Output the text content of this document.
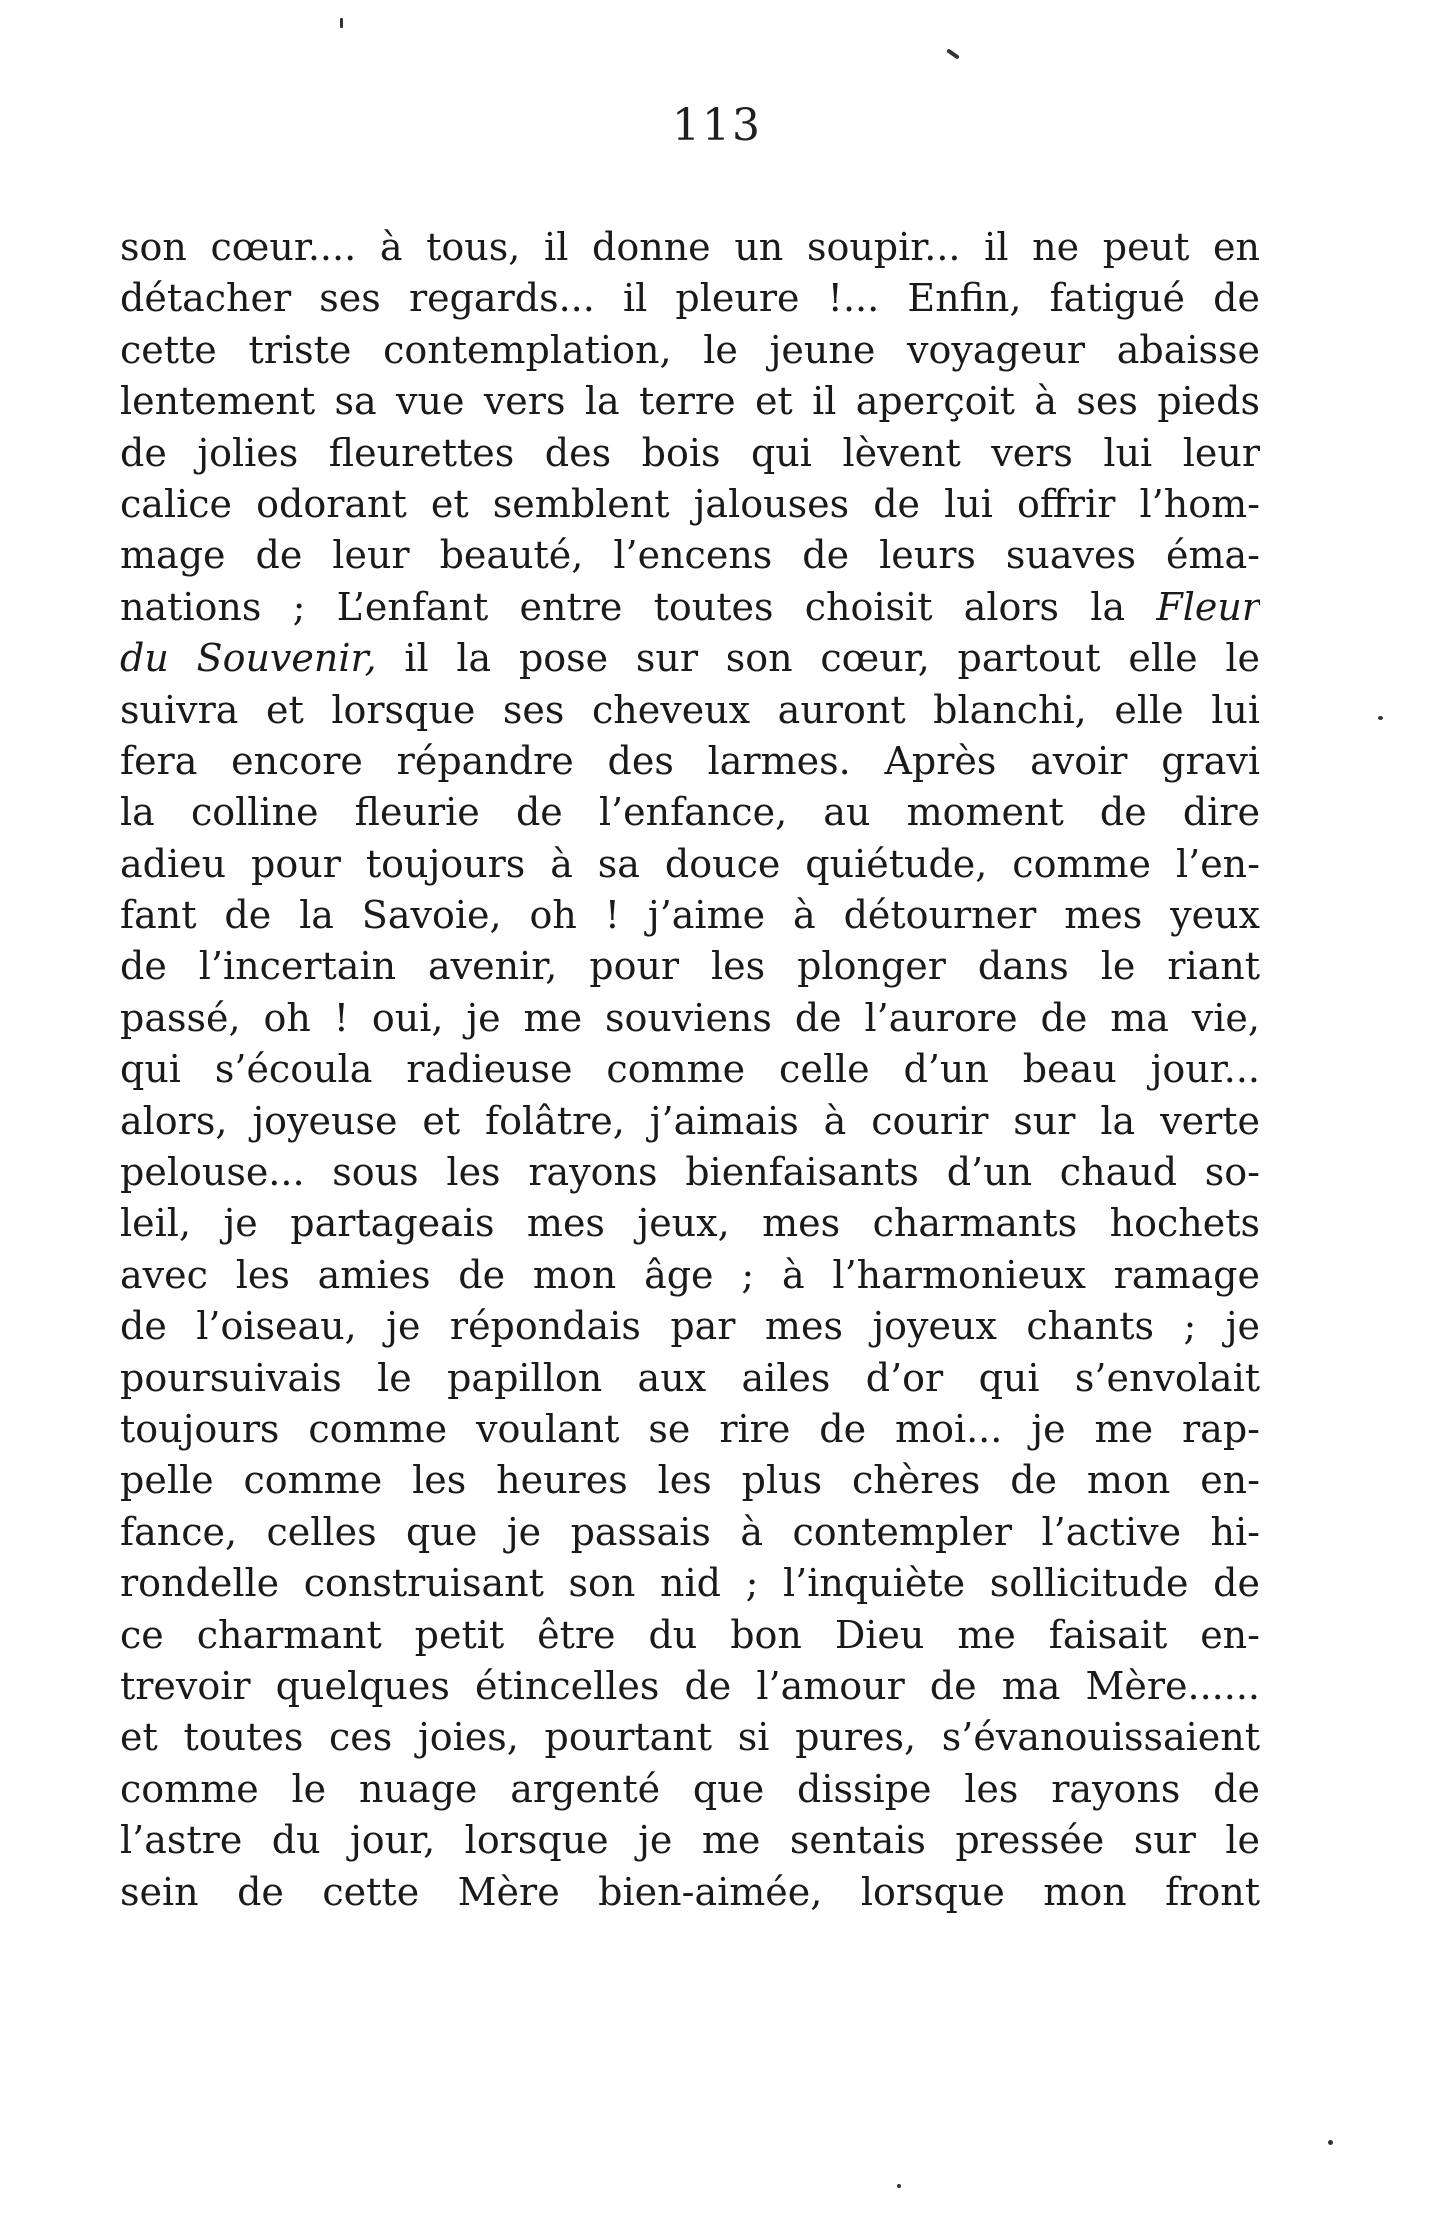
113
son cœur.... à tous, il donne un soupir... il ne peut en
détacher ses regards... il pleure !... Enfin, fatigué de
cette triste contemplation, le jeune voyageur abaisse
lentement sa vue vers la terre et il aperçoit à ses pieds
de jolies fleurettes des bois qui lèvent vers lui leur
calice odorant et semblent jalouses de lui offrir l’hom-
mage de leur beauté, l’encens de leurs suaves éma-
nations ; L’enfant entre toutes choisit alors la Fleur
du Souvenir, il la pose sur son cœur, partout elle le
suivra et lorsque ses cheveux auront blanchi, elle lui
fera encore répandre des larmes. Après avoir gravi
la colline fleurie de l’enfance, au moment de dire
adieu pour toujours à sa douce quiétude, comme l’en-
fant de la Savoie, oh ! j’aime à détourner mes yeux
de l’incertain avenir, pour les plonger dans le riant
passé, oh ! oui, je me souviens de l’aurore de ma vie,
qui s’écoula radieuse comme celle d’un beau jour...
alors, joyeuse et folâtre, j’aimais à courir sur la verte
pelouse... sous les rayons bienfaisants d’un chaud so-
leil, je partageais mes jeux, mes charmants hochets
avec les amies de mon âge ; à l’harmonieux ramage
de l’oiseau, je répondais par mes joyeux chants ; je
poursuivais le papillon aux ailes d’or qui s’envolait
toujours comme voulant se rire de moi... je me rap-
pelle comme les heures les plus chères de mon en-
fance, celles que je passais à contempler l’active hi-
rondelle construisant son nid ; l’inquiète sollicitude de
ce charmant petit être du bon Dieu me faisait en-
trevoir quelques étincelles de l’amour de ma Mère......
et toutes ces joies, pourtant si pures, s’évanouissaient
comme le nuage argenté que dissipe les rayons de
l’astre du jour, lorsque je me sentais pressée sur le
sein de cette Mère bien-aimée, lorsque mon front
